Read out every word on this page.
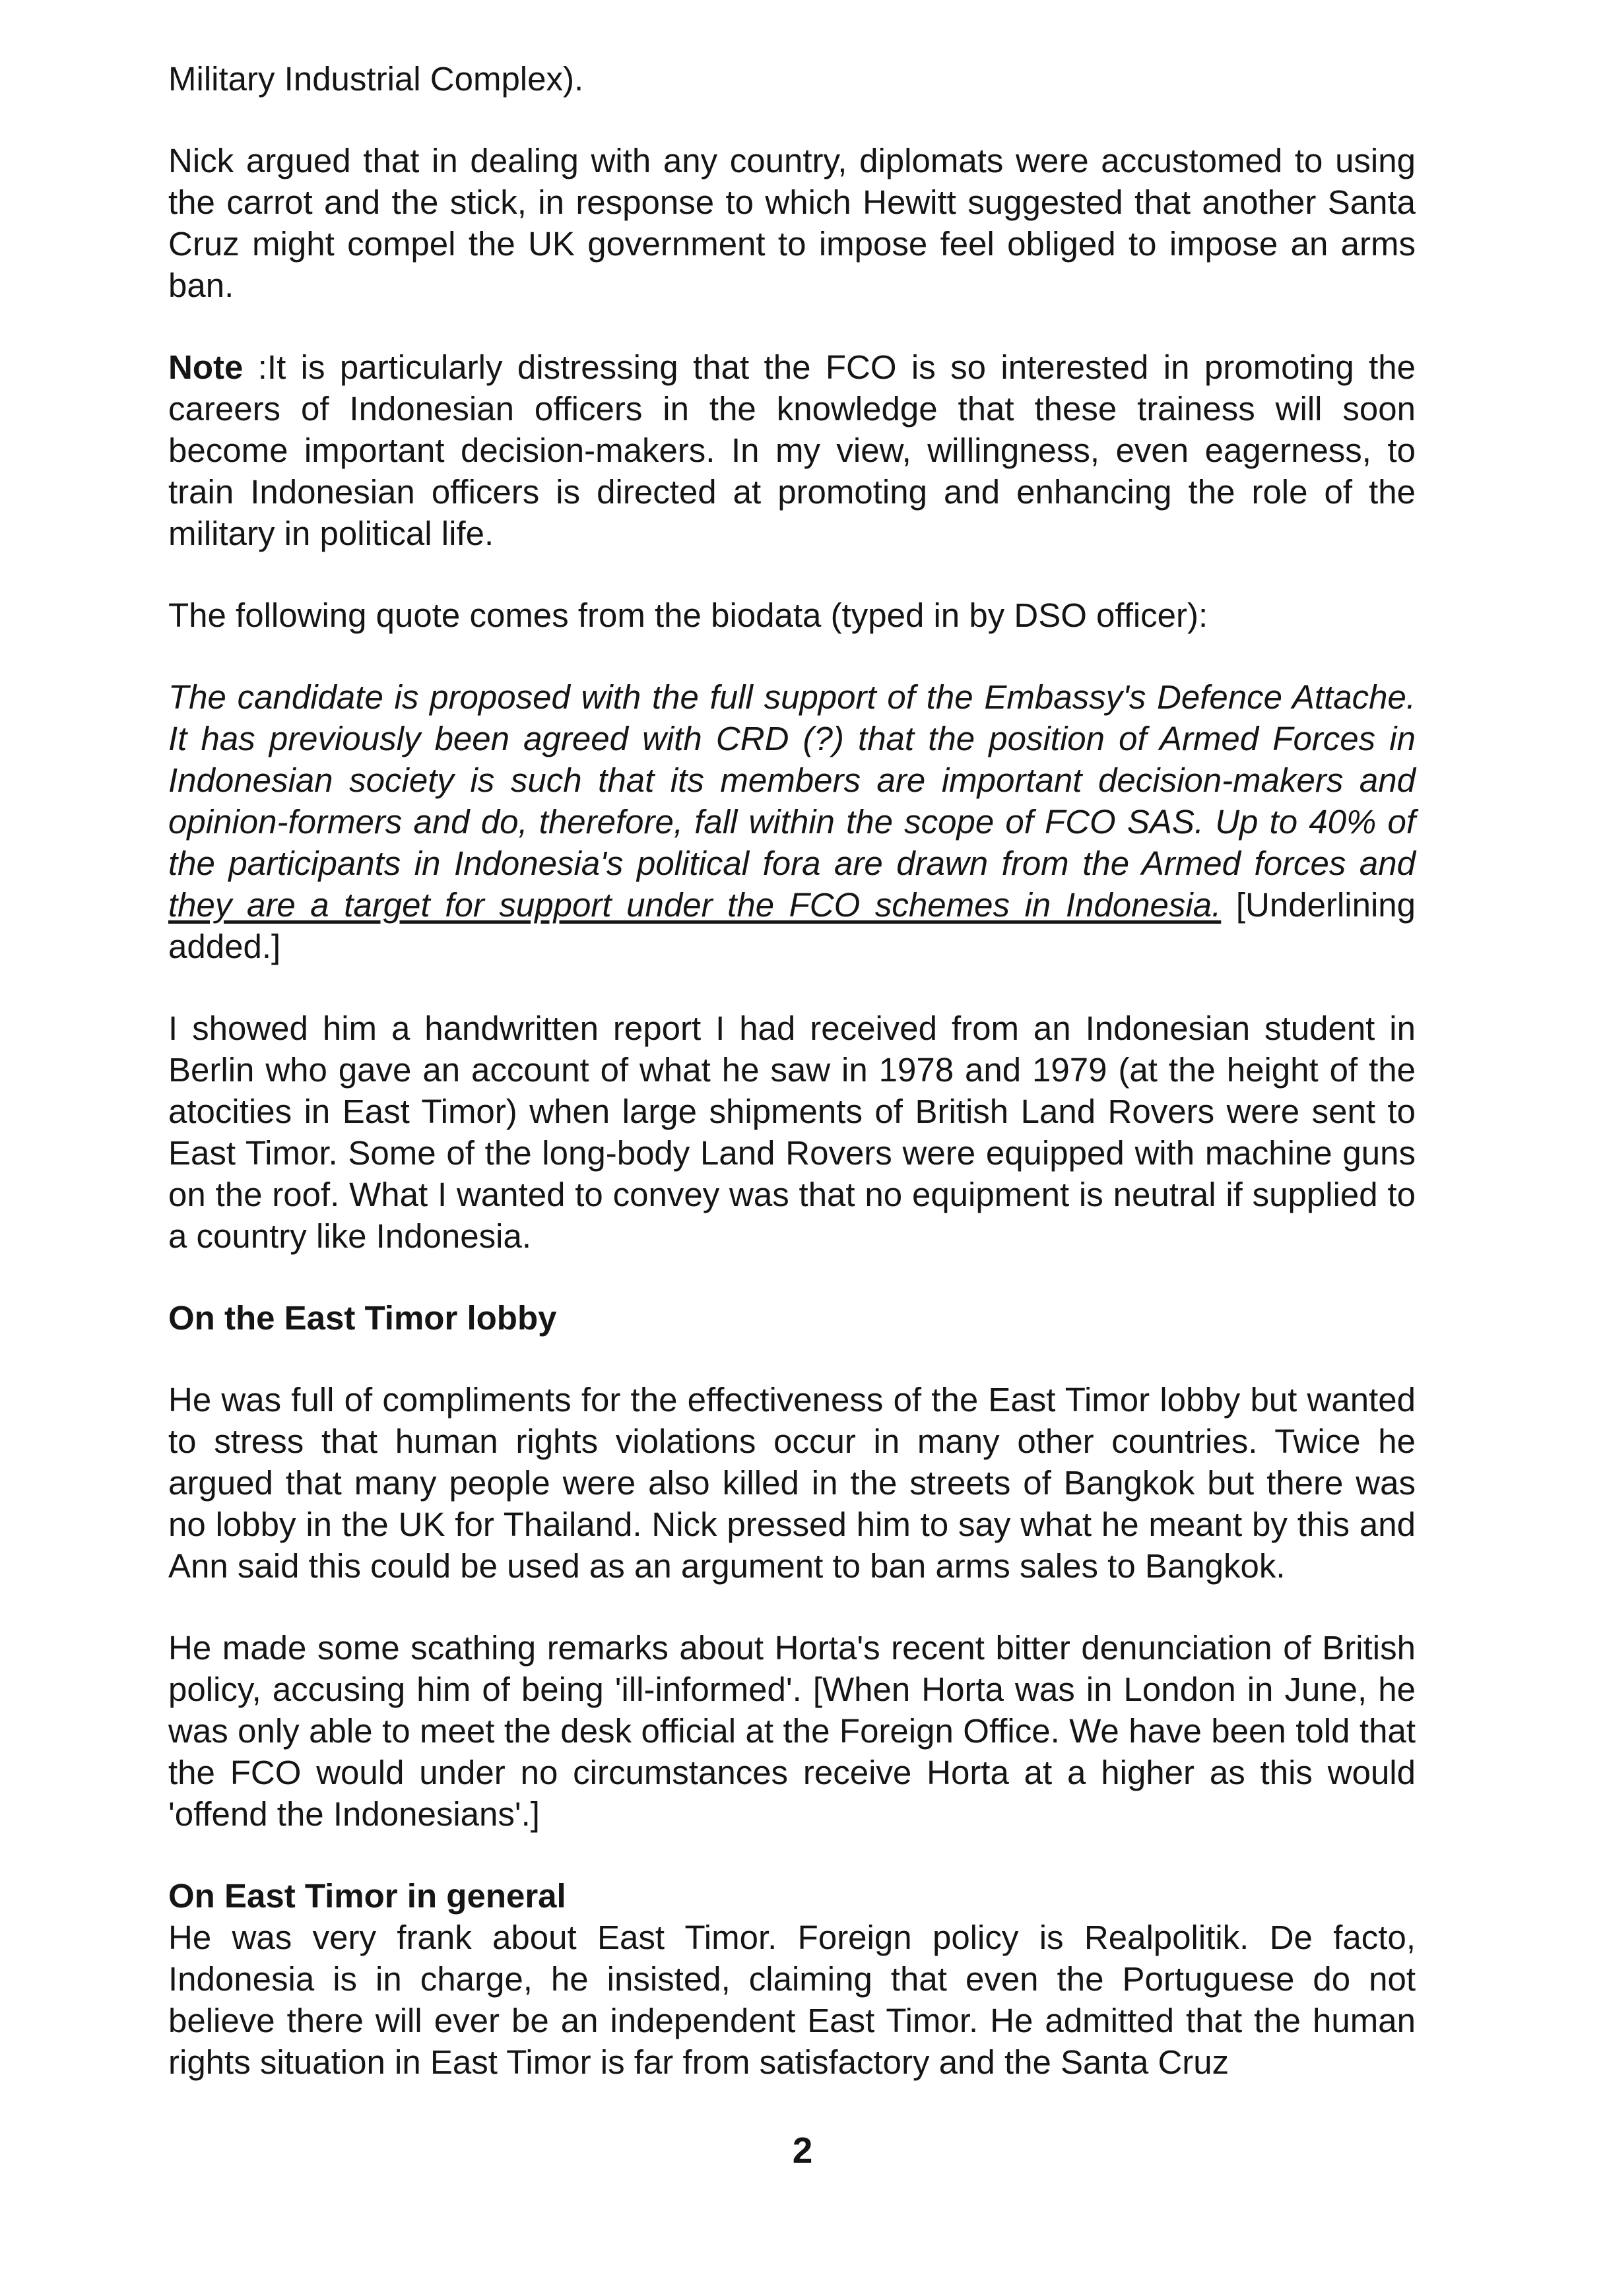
Military Industrial Complex).

Nick argued that in dealing with any country, diplomats were accustomed to using the carrot and the stick, in response to which Hewitt suggested that another Santa Cruz might compel the UK government to impose feel obliged to impose an arms ban.

Note :It is particularly distressing that the FCO is so interested in promoting the careers of Indonesian officers in the knowledge that these trainess will soon become important decision-makers. In my view, willingness, even eagerness, to train Indonesian officers is directed at promoting and enhancing the role of the military in political life.

The following quote comes from the biodata (typed in by DSO officer):

The candidate is proposed with the full support of the Embassy's Defence Attache. It has previously been agreed with CRD (?) that the position of Armed Forces in Indonesian society is such that its members are important decision-makers and opinion-formers and do, therefore, fall within the scope of FCO SAS. Up to 40% of the participants in Indonesia's political fora are drawn from the Armed forces and they are a target for support under the FCO schemes in Indonesia. [Underlining added.]

I showed him a handwritten report I had received from an Indonesian student in Berlin who gave an account of what he saw in 1978 and 1979 (at the height of the atocities in East Timor) when large shipments of British Land Rovers were sent to East Timor. Some of the long-body Land Rovers were equipped with machine guns on the roof. What I wanted to convey was that no equipment is neutral if supplied to a country like Indonesia.

On the East Timor lobby

He was full of compliments for the effectiveness of the East Timor lobby but wanted to stress that human rights violations occur in many other countries. Twice he argued that many people were also killed in the streets of Bangkok but there was no lobby in the UK for Thailand. Nick pressed him to say what he meant by this and Ann said this could be used as an argument to ban arms sales to Bangkok.

He made some scathing remarks about Horta's recent bitter denunciation of British policy, accusing him of being 'ill-informed'. [When Horta was in London in June, he was only able to meet the desk official at the Foreign Office. We have been told that the FCO would under no circumstances receive Horta at a higher as this would 'offend the Indonesians'.]

On East Timor in general

He was very frank about East Timor. Foreign policy is Realpolitik. De facto, Indonesia is in charge, he insisted, claiming that even the Portuguese do not believe there will ever be an independent East Timor. He admitted that the human rights situation in East Timor is far from satisfactory and the Santa Cruz

2
